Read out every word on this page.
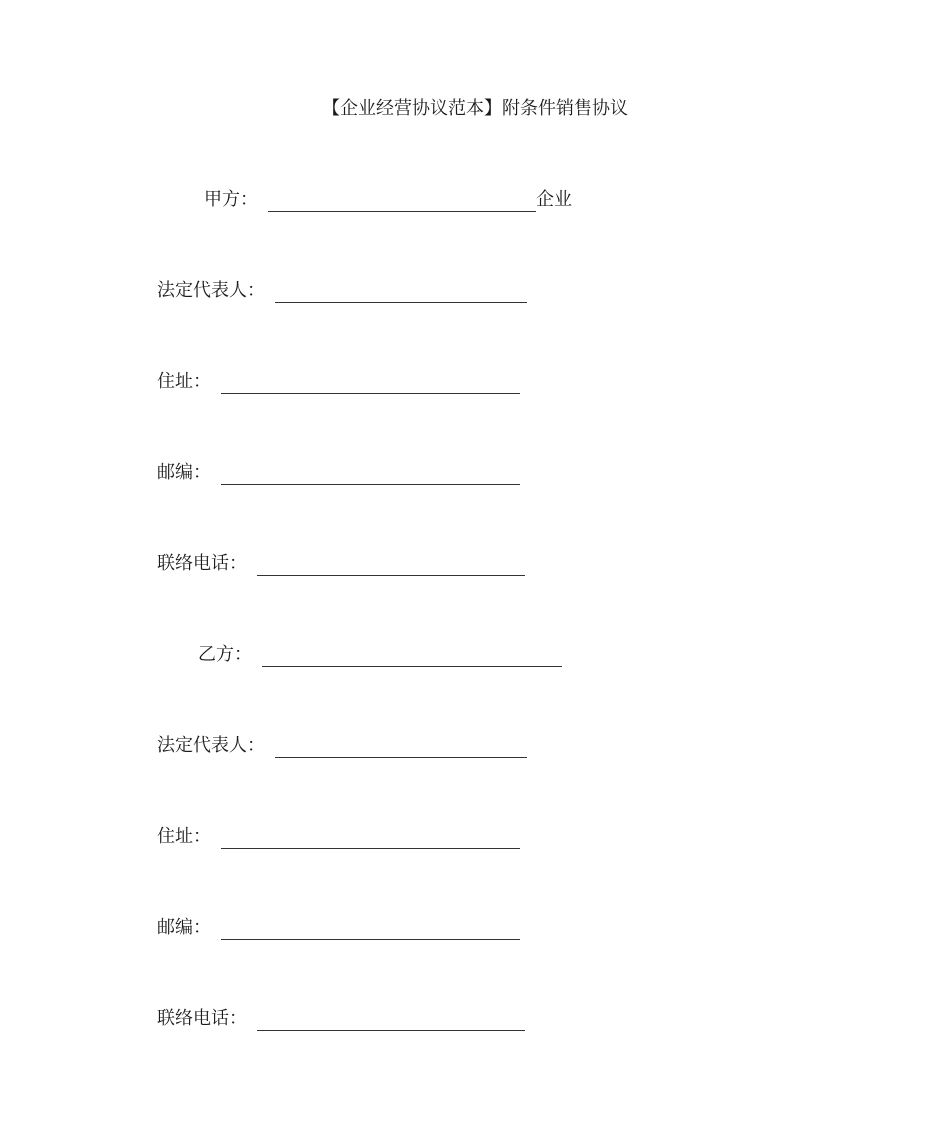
【企业经营协议范本】附条件销售协议
甲方：	企业
法定代表人：
住址：
邮编：
联络电话：
乙方：
法定代表人：
住址：
邮编：
联络电话：
